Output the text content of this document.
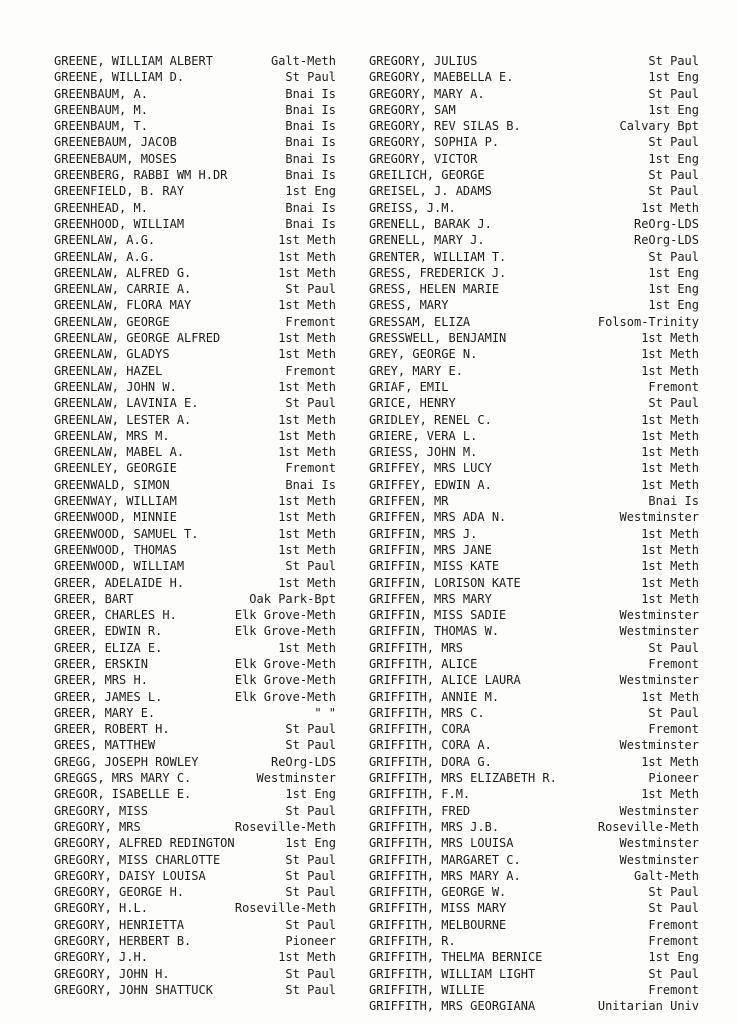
GREENE, WILLIAM ALBERT	Galt-Meth
GREENE, WILLIAM D.	St Paul
GREENBAUM, A.	Bnai Is
GREENBAUM, M.	Bnai Is
GREENBAUM, T.	Bnai Is
GREENEBAUM, JACOB	Bnai Is
GREENEBAUM, MOSES	Bnai Is
GREENBERG, RABBI WM H.DR	Bnai Is
GREENFIELD, B. RAY	1st Eng
GREENHEAD, M.	Bnai Is
GREENHOOD, WILLIAM	Bnai Is
GREENLAW, A.G.	1st Meth
GREENLAW, A.G.	1st Meth
GREENLAW, ALFRED G.	1st Meth
GREENLAW, CARRIE A.	St Paul
GREENLAW, FLORA MAY	1st Meth
GREENLAW, GEORGE	Fremont
GREENLAW, GEORGE ALFRED	1st Meth
GREENLAW, GLADYS	1st Meth
GREENLAW, HAZEL	Fremont
GREENLAW, JOHN W.	1st Meth
GREENLAW, LAVINIA E.	St Paul
GREENLAW, LESTER A.	1st Meth
GREENLAW, MRS M.	1st Meth
GREENLAW, MABEL A.	1st Meth
GREENLEY, GEORGIE	Fremont
GREENWALD, SIMON	Bnai Is
GREENWAY, WILLIAM	1st Meth
GREENWOOD, MINNIE	1st Meth
GREENWOOD, SAMUEL T.	1st Meth
GREENWOOD, THOMAS	1st Meth
GREENWOOD, WILLIAM	St Paul
GREER, ADELAIDE H.	1st Meth
GREER, BART	Oak Park-Bpt
GREER, CHARLES H.	Elk Grove-Meth
GREER, EDWIN R.	Elk Grove-Meth
GREER, ELIZA E.	1st Meth
GREER, ERSKIN	Elk Grove-Meth
GREER, MRS H.	Elk Grove-Meth
GREER, JAMES L.	Elk Grove-Meth
GREER, MARY E.	" "
GREER, ROBERT H.	St Paul
GREES, MATTHEW	St Paul
GREGG, JOSEPH ROWLEY	ReOrg-LDS
GREGGS, MRS MARY C.	Westminster
GREGOR, ISABELLE E.	1st Eng
GREGORY, MISS	St Paul
GREGORY, MRS	Roseville-Meth
GREGORY, ALFRED REDINGTON	1st Eng
GREGORY, MISS CHARLOTTE	St Paul
GREGORY, DAISY LOUISA	St Paul
GREGORY, GEORGE H.	St Paul
GREGORY, H.L.	Roseville-Meth
GREGORY, HENRIETTA	St Paul
GREGORY, HERBERT B.	Pioneer
GREGORY, J.H.	1st Meth
GREGORY, JOHN H.	St Paul
GREGORY, JOHN SHATTUCK	St Paul
GREGORY, JULIUS	St Paul
GREGORY, MAEBELLA E.	1st Eng
GREGORY, MARY A.	St Paul
GREGORY, SAM	1st Eng
GREGORY, REV SILAS B.	Calvary Bpt
GREGORY, SOPHIA P.	St Paul
GREGORY, VICTOR	1st Eng
GREILICH, GEORGE	St Paul
GREISEL, J. ADAMS	St Paul
GREISS, J.M.	1st Meth
GRENELL, BARAK J.	ReOrg-LDS
GRENELL, MARY J.	ReOrg-LDS
GRENTER, WILLIAM T.	St Paul
GRESS, FREDERICK J.	1st Eng
GRESS, HELEN MARIE	1st Eng
GRESS, MARY	1st Eng
GRESSAM, ELIZA	Folsom-Trinity
GRESSWELL, BENJAMIN	1st Meth
GREY, GEORGE N.	1st Meth
GREY, MARY E.	1st Meth
GRIAF, EMIL	Fremont
GRICE, HENRY	St Paul
GRIDLEY, RENEL C.	1st Meth
GRIERE, VERA L.	1st Meth
GRIESS, JOHN M.	1st Meth
GRIFFEY, MRS LUCY	1st Meth
GRIFFEY, EDWIN A.	1st Meth
GRIFFEN, MR	Bnai Is
GRIFFEN, MRS ADA N.	Westminster
GRIFFIN, MRS J.	1st Meth
GRIFFIN, MRS JANE	1st Meth
GRIFFIN, MISS KATE	1st Meth
GRIFFIN, LORISON KATE	1st Meth
GRIFFEN, MRS MARY	1st Meth
GRIFFIN, MISS SADIE	Westminster
GRIFFIN, THOMAS W.	Westminster
GRIFFITH, MRS	St Paul
GRIFFITH, ALICE	Fremont
GRIFFITH, ALICE LAURA	Westminster
GRIFFITH, ANNIE M.	1st Meth
GRIFFITH, MRS C.	St Paul
GRIFFITH, CORA	Fremont
GRIFFITH, CORA A.	Westminster
GRIFFITH, DORA G.	1st Meth
GRIFFITH, MRS ELIZABETH R.	Pioneer
GRIFFITH, F.M.	1st Meth
GRIFFITH, FRED	Westminster
GRIFFITH, MRS J.B.	Roseville-Meth
GRIFFITH, MRS LOUISA	Westminster
GRIFFITH, MARGARET C.	Westminster
GRIFFITH, MRS MARY A.	Galt-Meth
GRIFFITH, GEORGE W.	St Paul
GRIFFITH, MISS MARY	St Paul
GRIFFITH, MELBOURNE	Fremont
GRIFFITH, R.	Fremont
GRIFFITH, THELMA BERNICE	1st Eng
GRIFFITH, WILLIAM LIGHT	St Paul
GRIFFITH, WILLIE	Fremont
GRIFFITH, MRS GEORGIANA	Unitarian Univ
